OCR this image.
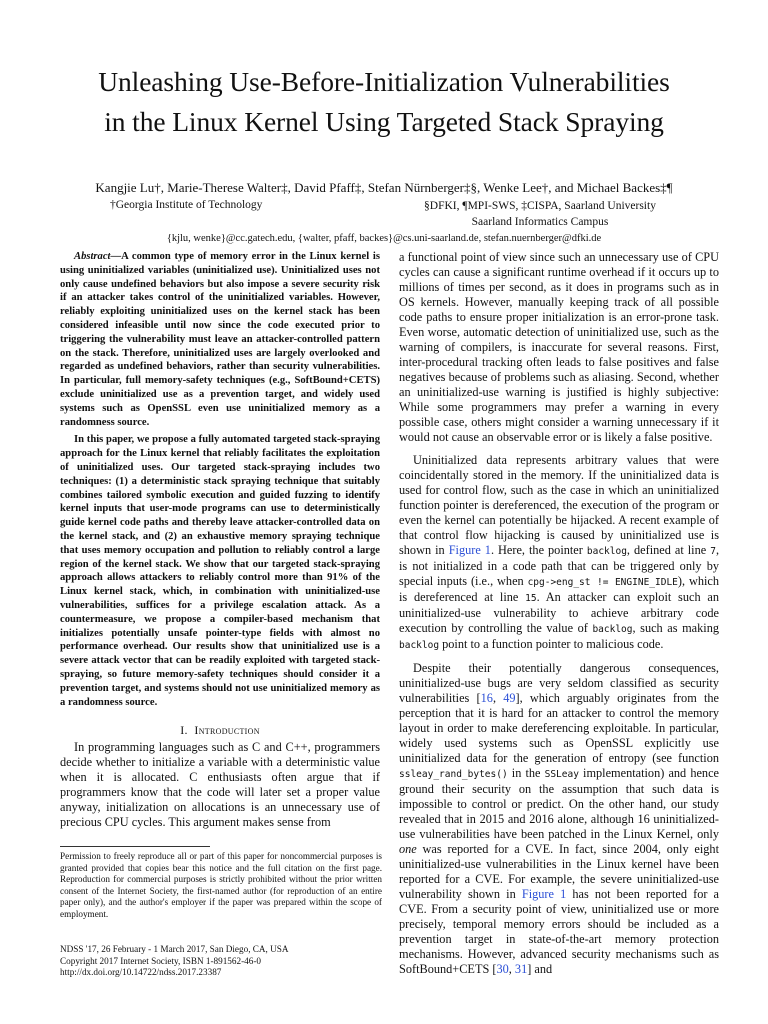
Unleashing Use-Before-Initialization Vulnerabilities
in the Linux Kernel Using Targeted Stack Spraying
Kangjie Lu†, Marie-Therese Walter‡, David Pfaff‡, Stefan Nürnberger‡§, Wenke Lee†, and Michael Backes‡¶
†Georgia Institute of Technology	§DFKI, ¶MPI-SWS, ‡CISPA, Saarland University
Saarland Informatics Campus
{kjlu, wenke}@cc.gatech.edu, {walter, pfaff, backes}@cs.uni-saarland.de, stefan.nuernberger@dfki.de

Abstract—A common type of memory error in the Linux kernel is using uninitialized variables (uninitialized use). Uninitialized uses not only cause undefined behaviors but also impose a severe security risk if an attacker takes control of the uninitialized variables. However, reliably exploiting uninitialized uses on the kernel stack has been considered infeasible until now since the code executed prior to triggering the vulnerability must leave an attacker-controlled pattern on the stack. Therefore, uninitialized uses are largely overlooked and regarded as undefined behaviors, rather than security vulnerabilities. In particular, full memory-safety techniques (e.g., SoftBound+CETS) exclude uninitialized use as a prevention target, and widely used systems such as OpenSSL even use uninitialized memory as a randomness source.

In this paper, we propose a fully automated targeted stack-spraying approach for the Linux kernel that reliably facilitates the exploitation of uninitialized uses. Our targeted stack-spraying includes two techniques: (1) a deterministic stack spraying technique that suitably combines tailored symbolic execution and guided fuzzing to identify kernel inputs that user-mode programs can use to deterministically guide kernel code paths and thereby leave attacker-controlled data on the kernel stack, and (2) an exhaustive memory spraying technique that uses memory occupation and pollution to reliably control a large region of the kernel stack. We show that our targeted stack-spraying approach allows attackers to reliably control more than 91% of the Linux kernel stack, which, in combination with uninitialized-use vulnerabilities, suffices for a privilege escalation attack. As a countermeasure, we propose a compiler-based mechanism that initializes potentially unsafe pointer-type fields with almost no performance overhead. Our results show that uninitialized use is a severe attack vector that can be readily exploited with targeted stack-spraying, so future memory-safety techniques should consider it a prevention target, and systems should not use uninitialized memory as a randomness source.

I. Introduction

In programming languages such as C and C++, programmers decide whether to initialize a variable with a deterministic value when it is allocated. C enthusiasts often argue that if programmers know that the code will later set a proper value anyway, initialization on allocations is an unnecessary use of precious CPU cycles. This argument makes sense from

Permission to freely reproduce all or part of this paper for noncommercial purposes is granted provided that copies bear this notice and the full citation on the first page. Reproduction for commercial purposes is strictly prohibited without the prior written consent of the Internet Society, the first-named author (for reproduction of an entire paper only), and the author's employer if the paper was prepared within the scope of employment.

NDSS '17, 26 February - 1 March 2017, San Diego, CA, USA
Copyright 2017 Internet Society, ISBN 1-891562-46-0
http://dx.doi.org/10.14722/ndss.2017.23387

a functional point of view since such an unnecessary use of CPU cycles can cause a significant runtime overhead if it occurs up to millions of times per second, as it does in programs such as in OS kernels. However, manually keeping track of all possible code paths to ensure proper initialization is an error-prone task. Even worse, automatic detection of uninitialized use, such as the warning of compilers, is inaccurate for several reasons. First, inter-procedural tracking often leads to false positives and false negatives because of problems such as aliasing. Second, whether an uninitialized-use warning is justified is highly subjective: While some programmers may prefer a warning in every possible case, others might consider a warning unnecessary if it would not cause an observable error or is likely a false positive.

Uninitialized data represents arbitrary values that were coincidentally stored in the memory. If the uninitialized data is used for control flow, such as the case in which an uninitialized function pointer is dereferenced, the execution of the program or even the kernel can potentially be hijacked. A recent example of that control flow hijacking is caused by uninitialized use is shown in Figure 1. Here, the pointer backlog, defined at line 7, is not initialized in a code path that can be triggered only by special inputs (i.e., when cpg->eng_st != ENGINE_IDLE), which is dereferenced at line 15. An attacker can exploit such an uninitialized-use vulnerability to achieve arbitrary code execution by controlling the value of backlog, such as making backlog point to a function pointer to malicious code.

Despite their potentially dangerous consequences, uninitialized-use bugs are very seldom classified as security vulnerabilities [16, 49], which arguably originates from the perception that it is hard for an attacker to control the memory layout in order to make dereferencing exploitable. In particular, widely used systems such as OpenSSL explicitly use uninitialized data for the generation of entropy (see function ssleay_rand_bytes() in the SSLeay implementation) and hence ground their security on the assumption that such data is impossible to control or predict. On the other hand, our study revealed that in 2015 and 2016 alone, although 16 uninitialized-use vulnerabilities have been patched in the Linux Kernel, only one was reported for a CVE. In fact, since 2004, only eight uninitialized-use vulnerabilities in the Linux kernel have been reported for a CVE. For example, the severe uninitialized-use vulnerability shown in Figure 1 has not been reported for a CVE. From a security point of view, uninitialized use or more precisely, temporal memory errors should be included as a prevention target in state-of-the-art memory protection mechanisms. However, advanced security mechanisms such as SoftBound+CETS [30, 31] and
